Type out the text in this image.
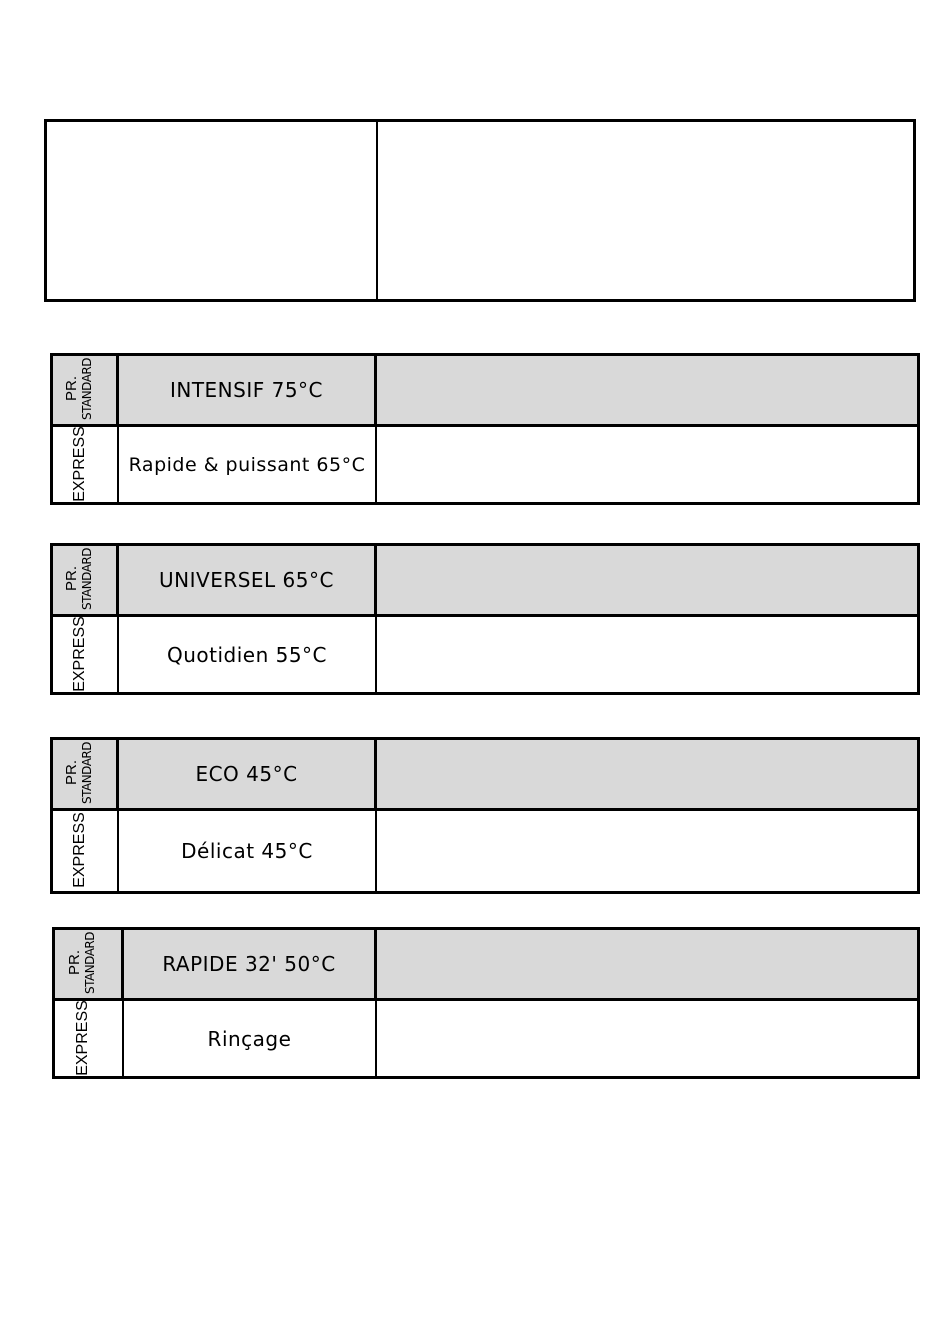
PR. STANDARD
EXPRESS
INTENSIF 75°C
Rapide & puissant 65°C
PR. STANDARD
EXPRESS
UNIVERSEL 65°C
Quotidien 55°C
PR. STANDARD
EXPRESS
ECO 45°C
Délicat 45°C
PR. STANDARD
EXPRESS
RAPIDE 32' 50°C
Rinçage
